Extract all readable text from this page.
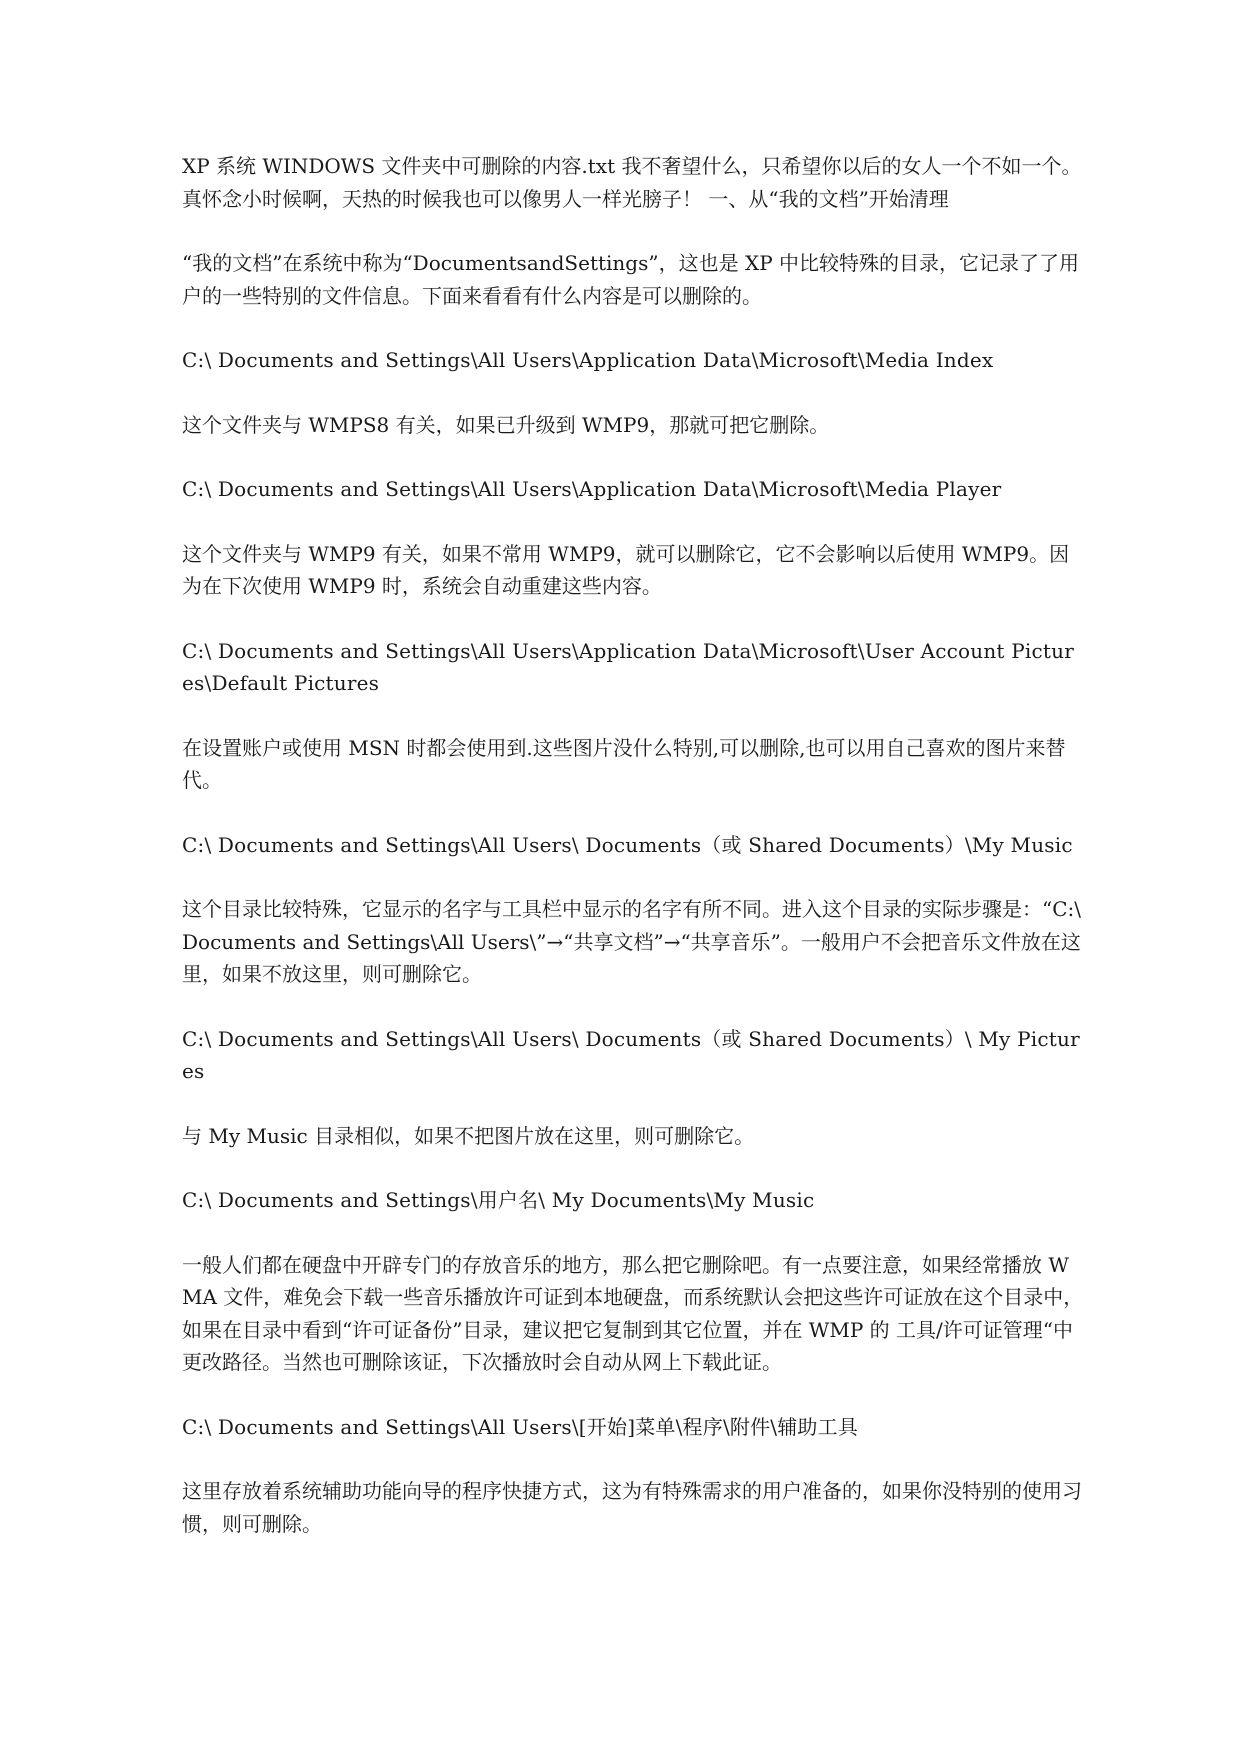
XP 系统 WINDOWS 文件夹中可删除的内容.txt 我不奢望什么，只希望你以后的女人一个不如一个。真怀念小时候啊，天热的时候我也可以像男人一样光膀子！ 一、从“我的文档”开始清理

“我的文档”在系统中称为“DocumentsandSettings”，这也是 XP 中比较特殊的目录，它记录了了用户的一些特别的文件信息。下面来看看有什么内容是可以删除的。

C:\ Documents and Settings\All Users\Application Data\Microsoft\Media Index

这个文件夹与 WMPS8 有关，如果已升级到 WMP9，那就可把它删除。

C:\ Documents and Settings\All Users\Application Data\Microsoft\Media Player

这个文件夹与 WMP9 有关，如果不常用 WMP9，就可以删除它，它不会影响以后使用 WMP9。因为在下次使用 WMP9 时，系统会自动重建这些内容。

C:\ Documents and Settings\All Users\Application Data\Microsoft\User Account Pictures\Default Pictures

在设置账户或使用 MSN 时都会使用到.这些图片没什么特别,可以删除,也可以用自己喜欢的图片来替代。

C:\ Documents and Settings\All Users\ Documents（或 Shared Documents）\My Music

这个目录比较特殊，它显示的名字与工具栏中显示的名字有所不同。进入这个目录的实际步骤是：“C:\ Documents and Settings\All Users\”→“共享文档”→“共享音乐”。一般用户不会把音乐文件放在这里，如果不放这里，则可删除它。

C:\ Documents and Settings\All Users\ Documents（或 Shared Documents）\ My Pictures

与 My Music 目录相似，如果不把图片放在这里，则可删除它。

C:\ Documents and Settings\用户名\ My Documents\My Music

一般人们都在硬盘中开辟专门的存放音乐的地方，那么把它删除吧。有一点要注意，如果经常播放 WMA 文件，难免会下载一些音乐播放许可证到本地硬盘，而系统默认会把这些许可证放在这个目录中，如果在目录中看到“许可证备份”目录，建议把它复制到其它位置，并在 WMP 的 工具/许可证管理“中更改路径。当然也可删除该证，下次播放时会自动从网上下载此证。

C:\ Documents and Settings\All Users\[开始]菜单\程序\附件\辅助工具

这里存放着系统辅助功能向导的程序快捷方式，这为有特殊需求的用户准备的，如果你没特别的使用习惯，则可删除。
